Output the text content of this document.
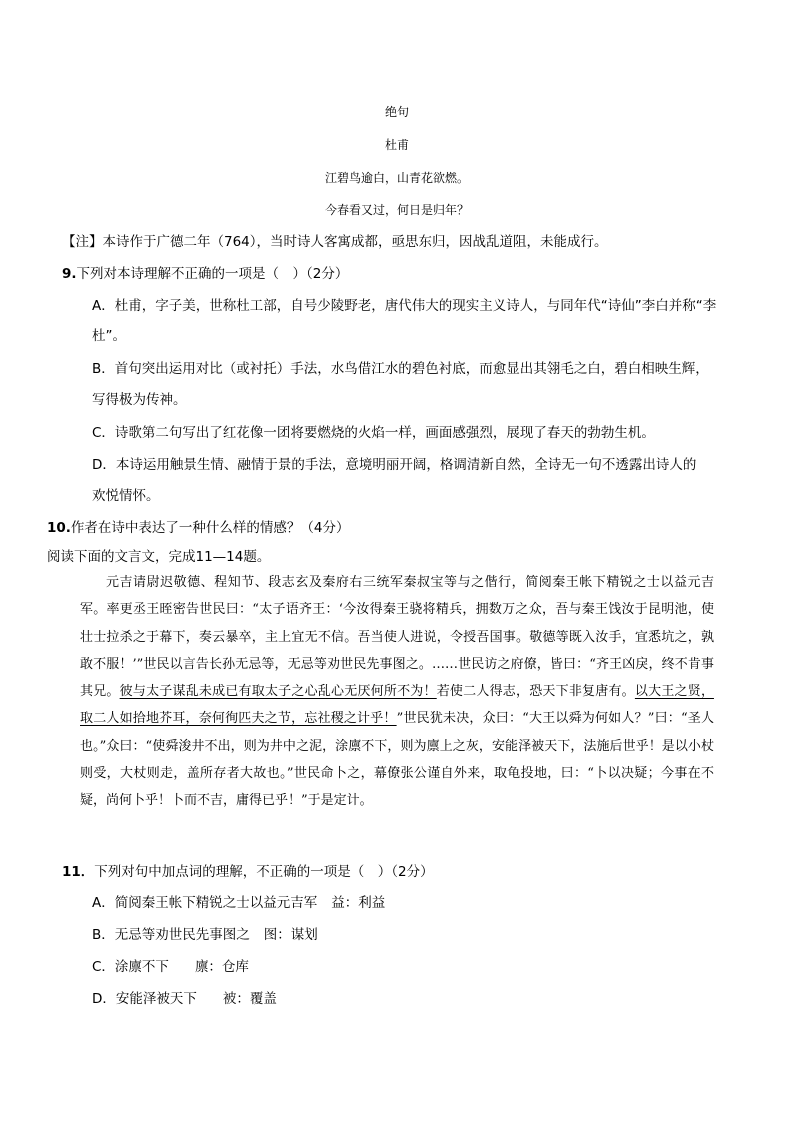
绝句
杜甫
江碧鸟逾白，山青花欲燃。
今春看又过，何日是归年？
【注】本诗作于广德二年（764），当时诗人客寓成都，亟思东归，因战乱道阻，未能成行。
9.下列对本诗理解不正确的一项是（　）（2分）
A．杜甫，字子美，世称杜工部，自号少陵野老，唐代伟大的现实主义诗人，与同年代“诗仙”李白并称“李
杜”。
B．首句突出运用对比（或衬托）手法，水鸟借江水的碧色衬底，而愈显出其翎毛之白，碧白相映生辉，
写得极为传神。
C．诗歌第二句写出了红花像一团将要燃烧的火焰一样，画面感强烈，展现了春天的勃勃生机。
D．本诗运用触景生情、融情于景的手法，意境明丽开阔，格调清新自然，全诗无一句不透露出诗人的
欢悦情怀。
10.作者在诗中表达了一种什么样的情感？（4分）
阅读下面的文言文，完成11—14题。

元吉请尉迟敬德、程知节、段志玄及秦府右三统军秦叔宝等与之偕行，简阅秦王帐下精锐之士以益元吉军。率更丞王晊密告世民曰：“太子语齐王：‘今汝得秦王骁将精兵，拥数万之众，吾与秦王饯汝于昆明池，使壮士拉杀之于幕下，奏云暴卒，主上宜无不信。吾当使人进说，令授吾国事。敬德等既入汝手，宜悉坑之，孰敢不服！’”世民以言告长孙无忌等，无忌等劝世民先事图之。……世民访之府僚，皆曰：“齐王凶戾，终不肯事其兄。彼与太子谋乱未成已有取太子之心乱心无厌何所不为！若使二人得志，恐天下非复唐有。以大王之贤，取二人如拾地芥耳，奈何徇匹夫之节，忘社稷之计乎！”世民犹未决，众曰：“大王以舜为何如人？”曰：“圣人也。”众曰：“使舜浚井不出，则为井中之泥，涂廪不下，则为廪上之灰，安能泽被天下，法施后世乎！是以小杖则受，大杖则走，盖所存者大故也。”世民命卜之，幕僚张公谨自外来，取龟投地，曰：“卜以决疑；今事在不疑，尚何卜乎！卜而不吉，庸得已乎！”于是定计。

11．下列对句中加点词的理解，不正确的一项是（　）（2分）
A．简阅秦王帐下精锐之士以益元吉军 益：利益
B．无忌等劝世民先事图之 图：谋划
C．涂廪不下 廪：仓库
D．安能泽被天下 被：覆盖
